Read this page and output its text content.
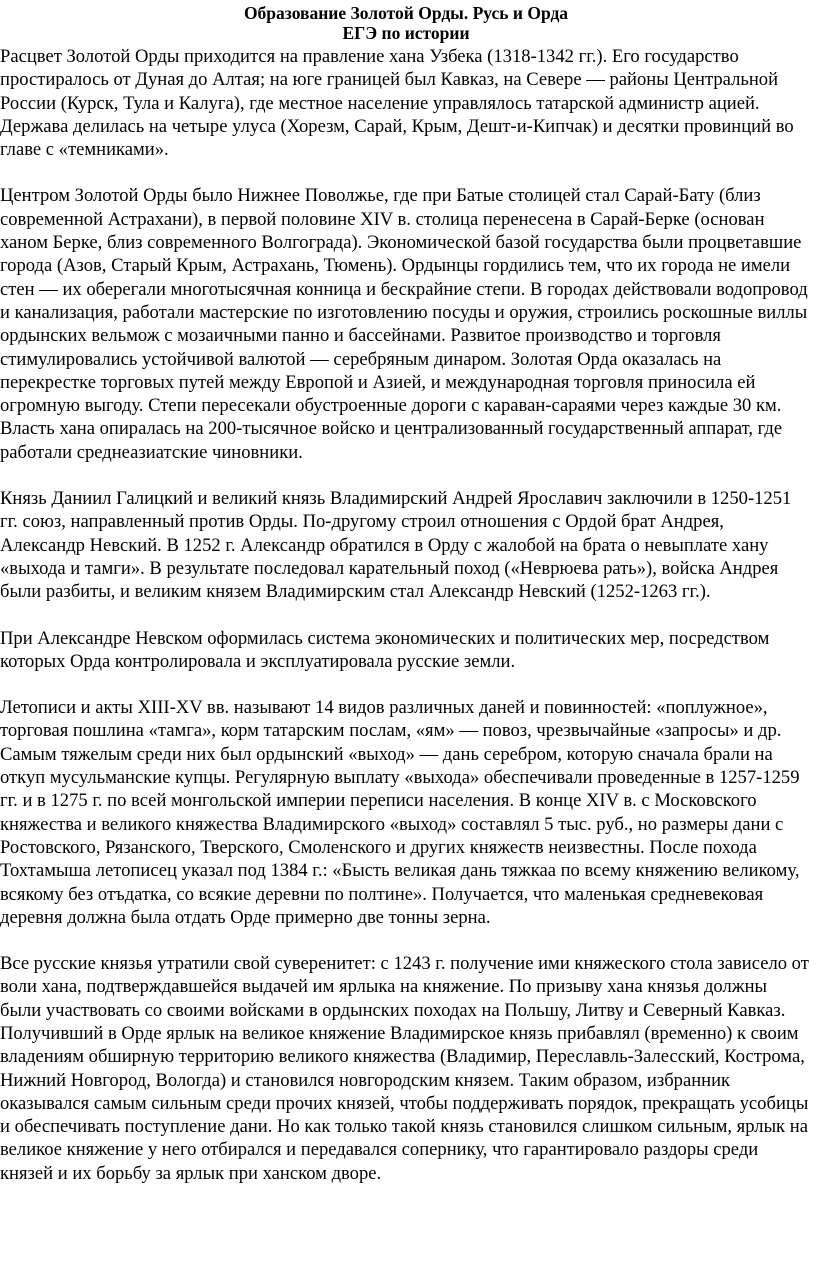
Образование Золотой Орды. Русь и Орда
ЕГЭ по истории

Расцвет Золотой Орды приходится на правление хана Узбека (1318-1342 гг.). Его государство простиралось от Дуная до Алтая; на юге границей был Кавказ, на Севере — районы Центральной России (Курск, Тула и Калуга), где местное население управлялось татарской администр ацией. Держава делилась на четыре улуса (Хорезм, Сарай, Крым, Дешт-и-Кипчак) и десятки провинций во главе с «темниками».

Центром Золотой Орды было Нижнее Поволжье, где при Батые столицей стал Сарай-Бату (близ современной Астрахани), в первой половине XIV в. столица перенесена в Сарай-Берке (основан ханом Берке, близ современного Волгограда). Экономической базой государства были процветавшие города (Азов, Старый Крым, Астрахань, Тюмень). Ордынцы гордились тем, что их города не имели стен — их оберегали многотысячная конница и бескрайние степи. В городах действовали водопровод и канализация, работали мастерские по изготовлению посуды и оружия, строились роскошные виллы ордынских вельмож с мозаичными панно и бассейнами. Развитое производство и торговля стимулировались устойчивой валютой — серебряным динаром. Золотая Орда оказалась на перекрестке торговых путей между Европой и Азией, и международная торговля приносила ей огромную выгоду. Степи пересекали обустроенные дороги с караван-сараями через каждые 30 км. Власть хана опиралась на 200-тысячное войско и централизованный государственный аппарат, где работали среднеазиатские чиновники.

Князь Даниил Галицкий и великий князь Владимирский Андрей Ярославич заключили в 1250-1251 гг. союз, направленный против Орды. По-другому строил отношения с Ордой брат Андрея, Александр Невский. В 1252 г. Александр обратился в Орду с жалобой на брата о невыплате хану «выхода и тамги». В результате последовал карательный поход («Неврюева рать»), войска Андрея были разбиты, и великим князем Владимирским стал Александр Невский (1252-1263 гг.).

При Александре Невском оформилась система экономических и политических мер, посредством которых Орда контролировала и эксплуатировала русские земли.

Летописи и акты XIII-XV вв. называют 14 видов различных даней и повинностей: «поплужное», торговая пошлина «тамга», корм татарским послам, «ям» — повоз, чрезвычайные «запросы» и др. Самым тяжелым среди них был ордынский «выход» — дань серебром, которую сначала брали на откуп мусульманские купцы. Регулярную выплату «выхода» обеспечивали проведенные в 1257-1259 гг. и в 1275 г. по всей монгольской империи переписи населения. В конце XIV в. с Московского княжества и великого княжества Владимирского «выход» составлял 5 тыс. руб., но размеры дани с Ростовского, Рязанского, Тверского, Смоленского и других княжеств неизвестны. После похода Тохтамыша летописец указал под 1384 г.: «Бысть великая дань тяжкаа по всему княжению великому, всякому без отъдатка, со всякие деревни по полтине». Получается, что маленькая средневековая деревня должна была отдать Орде примерно две тонны зерна.

Все русские князья утратили свой суверенитет: с 1243 г. получение ими княжеского стола зависело от воли хана, подтверждавшейся выдачей им ярлыка на княжение. По призыву хана князья должны были участвовать со своими войсками в ордынских походах на Польшу, Литву и Северный Кавказ. Получивший в Орде ярлык на великое княжение Владимирское князь прибавлял (временно) к своим владениям обширную территорию великого княжества (Владимир, Переславль-Залесский, Кострома, Нижний Новгород, Вологда) и становился новгородским князем. Таким образом, избранник оказывался самым сильным среди прочих князей, чтобы поддерживать порядок, прекращать усобицы и обеспечивать поступление дани. Но как только такой князь становился слишком сильным, ярлык на великое княжение у него отбирался и передавался сопернику, что гарантировало раздоры среди князей и их борьбу за ярлык при ханском дворе.
